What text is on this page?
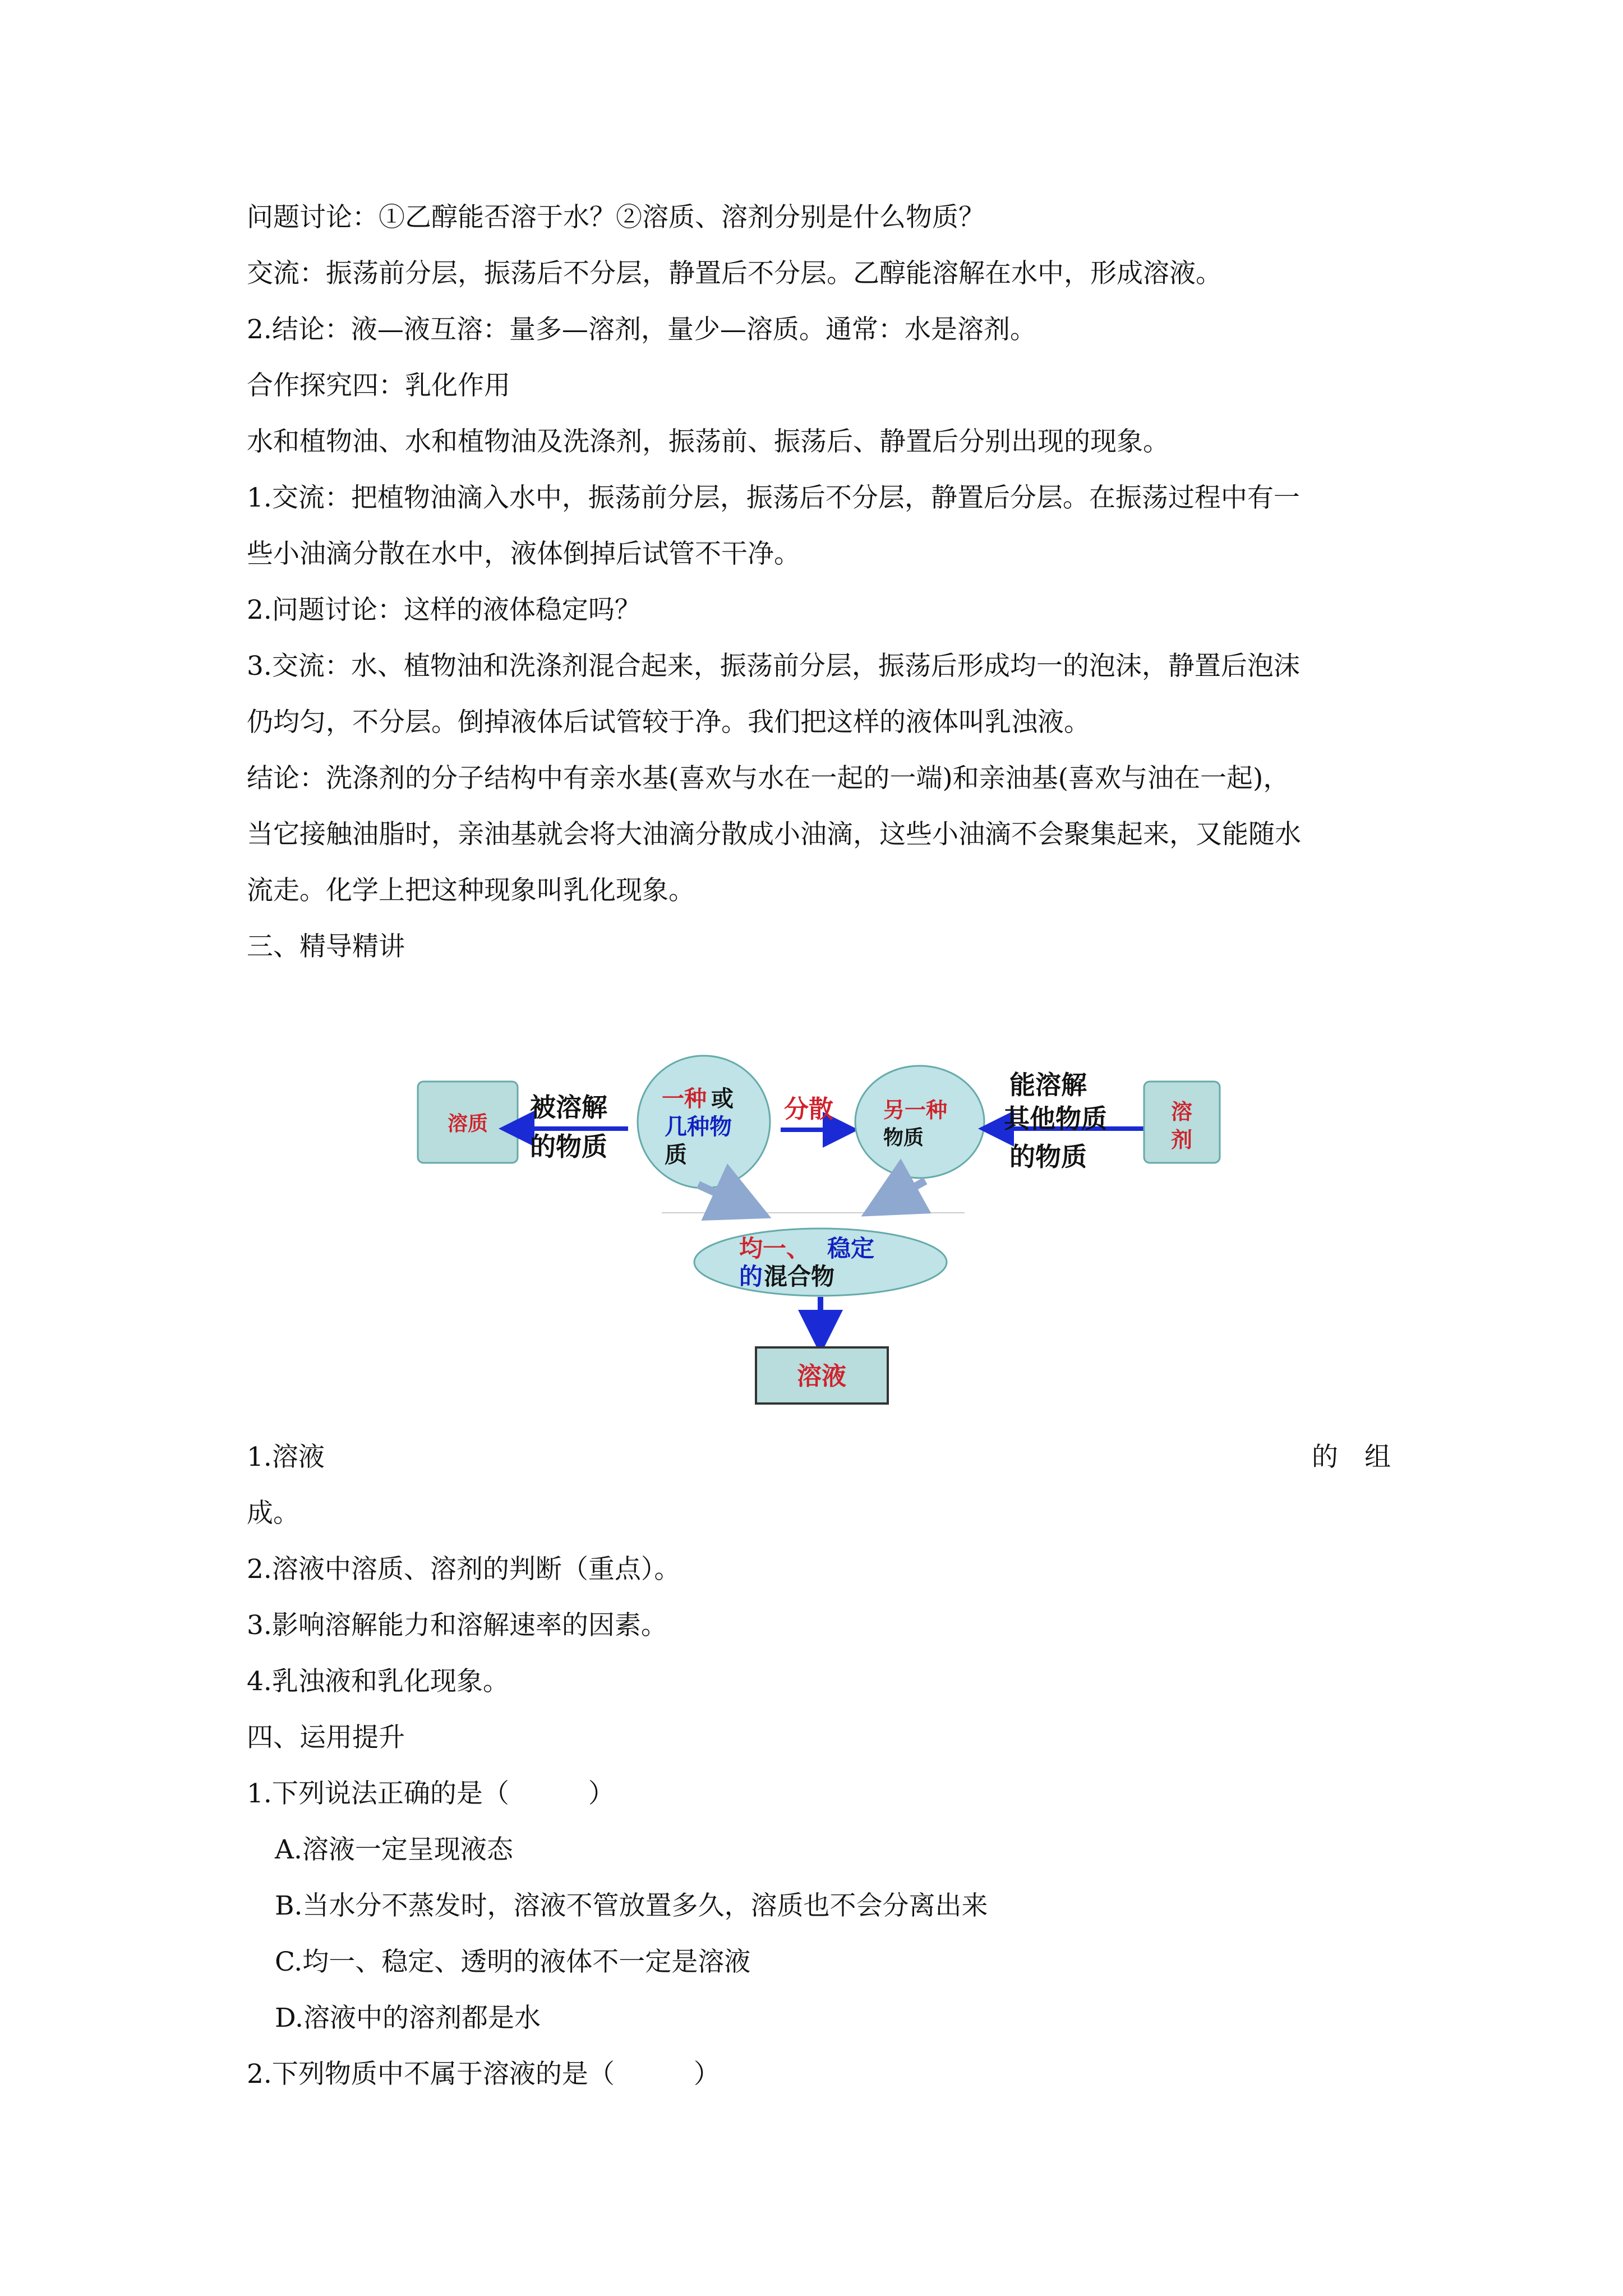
问题讨论：①乙醇能否溶于水？②溶质、溶剂分别是什么物质？
交流：振荡前分层，振荡后不分层，静置后不分层。乙醇能溶解在水中，形成溶液。
2.结论：液—液互溶：量多—溶剂，量少—溶质。通常：水是溶剂。
合作探究四：乳化作用
水和植物油、水和植物油及洗涤剂，振荡前、振荡后、静置后分别出现的现象。
1.交流：把植物油滴入水中，振荡前分层，振荡后不分层，静置后分层。在振荡过程中有一
些小油滴分散在水中，液体倒掉后试管不干净。
2.问题讨论：这样的液体稳定吗？
3.交流：水、植物油和洗涤剂混合起来，振荡前分层，振荡后形成均一的泡沫，静置后泡沫
仍均匀，不分层。倒掉液体后试管较于净。我们把这样的液体叫乳浊液。
结论：洗涤剂的分子结构中有亲水基(喜欢与水在一起的一端)和亲油基(喜欢与油在一起)，
当它接触油脂时，亲油基就会将大油滴分散成小油滴，这些小油滴不会聚集起来，又能随水
流走。化学上把这种现象叫乳化现象。
三、精导精讲
溶质
被溶解
的物质
一种 或
几种物
质
分散 另一种
物质
能溶解
其他物质
的物质
溶
剂
均一、 稳定
的 混合物
溶液
1.溶液	的　组
成。
2.溶液中溶质、溶剂的判断（重点）。
3.影响溶解能力和溶解速率的因素。
4.乳浊液和乳化现象。
四、运用提升
1.下列说法正确的是（　　　）
A.溶液一定呈现液态
B.当水分不蒸发时，溶液不管放置多久，溶质也不会分离出来
C.均一、稳定、透明的液体不一定是溶液
D.溶液中的溶剂都是水
2.下列物质中不属于溶液的是（　　　）
